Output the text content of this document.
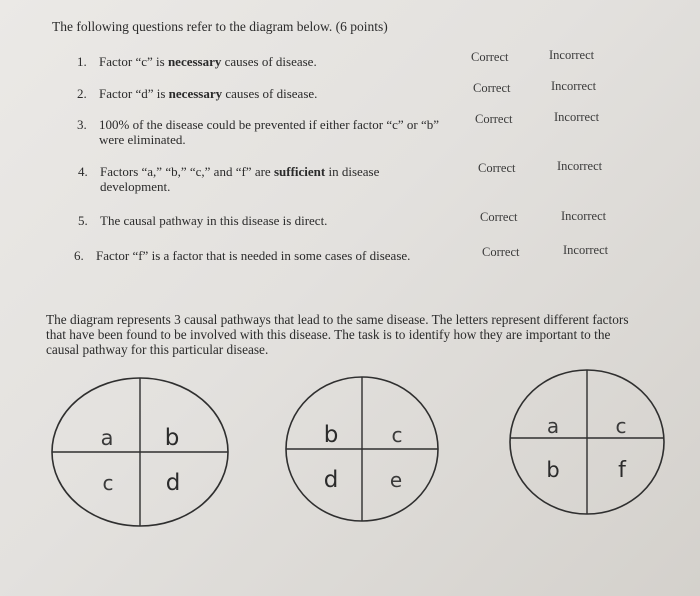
The following questions refer to the diagram below. (6 points)
1. Factor “c” is necessary causes of disease.	Correct	Incorrect
2. Factor “d” is necessary causes of disease.	Correct	Incorrect
3. 100% of the disease could be prevented if either factor “c” or “b” were eliminated.
Correct	Incorrect
4. Factors “a,” “b,” “c,” and “f” are sufficient in disease development.
Correct	Incorrect
5. The causal pathway in this disease is direct.	Correct	Incorrect
6. Factor “f” is a factor that is needed in some cases of disease.	Correct	Incorrect
The diagram represents 3 causal pathways that lead to the same disease. The letters represent different factors that have been found to be involved with this disease. The task is to identify how they are important to the causal pathway for this particular disease.
a b
c d
b	c
d	e
a	c
b	f
